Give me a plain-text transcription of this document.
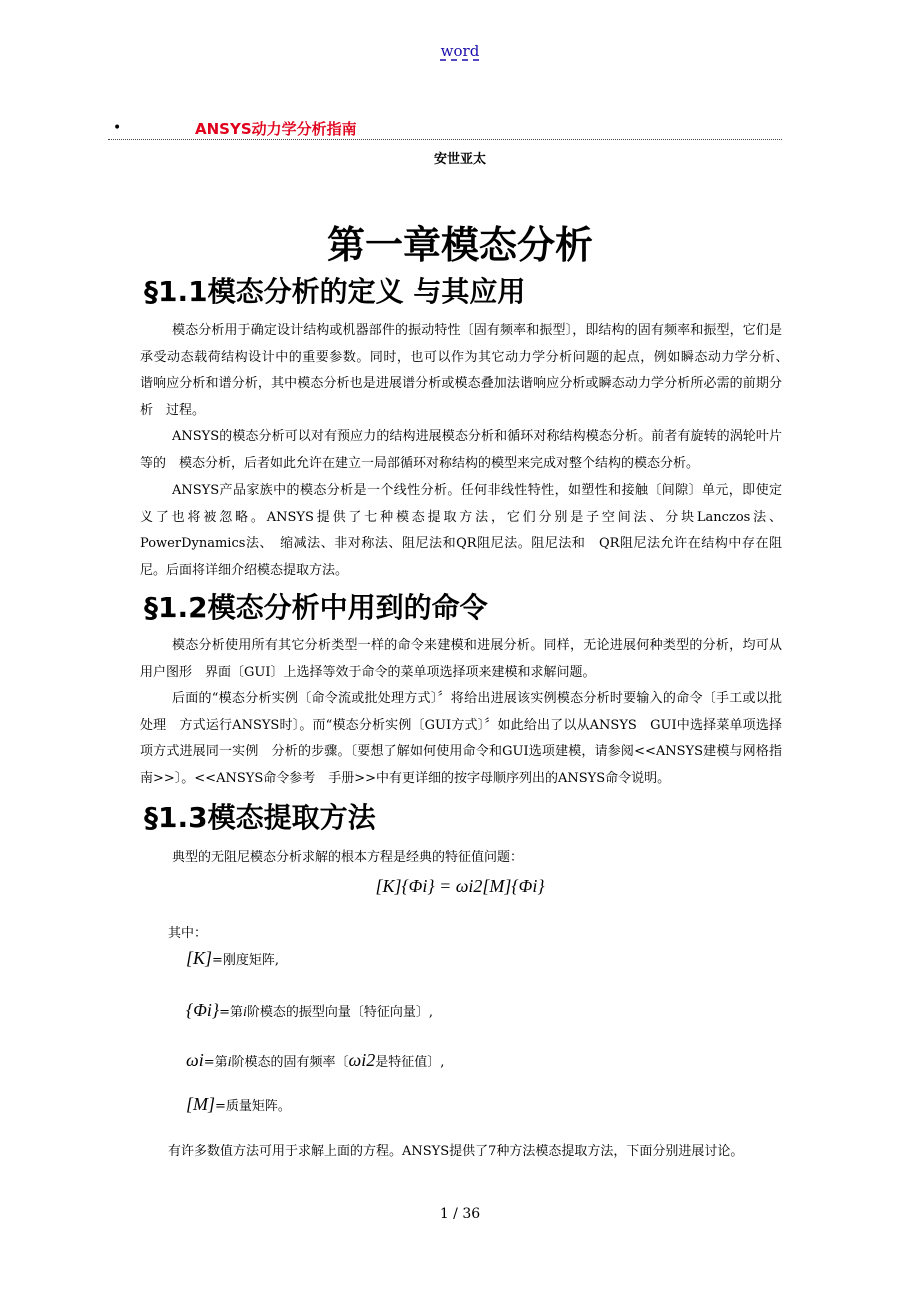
word
•	ANSYS动力学分析指南
安世亚太
第一章模态分析
§1.1模态分析的定义 与其应用
模态分析用于确定设计结构或机器部件的振动特性〔固有频率和振型〕，即结构的固有频率和振型，它们是　承受动态载荷结构设计中的重要参数。同时，也可以作为其它动力学分析问题的起点，例如瞬态动力学分析、　谐响应分析和谱分析，其中模态分析也是进展谱分析或模态叠加法谐响应分析或瞬态动力学分析所必需的前期分析　过程。
ANSYS的模态分析可以对有预应力的结构进展模态分析和循环对称结构模态分析。前者有旋转的涡轮叶片等的　模态分析，后者如此允许在建立一局部循环对称结构的模型来完成对整个结构的模态分析。
ANSYS产品家族中的模态分析是一个线性分析。任何非线性特性，如塑性和接触〔间隙〕单元，即使定　义了也将被忽略。ANSYS提供了七种模态提取方法，它们分别是子空间法、分块Lanczos法、PowerDynamics法、　缩减法、非对称法、阻尼法和QR阻尼法。阻尼法和　QR阻尼法允许在结构中存在阻尼。后面将详细介绍模态提取方法。
§1.2模态分析中用到的命令
模态分析使用所有其它分析类型一样的命令来建模和进展分析。同样，无论进展何种类型的分析，均可从用户图形　界面〔GUI〕上选择等效于命令的菜单项选择项来建模和求解问题。
后面的“模态分析实例〔命令流或批处理方式〕〞将给出进展该实例模态分析时要输入的命令〔手工或以批处理　方式运行ANSYS时〕。而“模态分析实例〔GUI方式〕〞如此给出了以从ANSYS　GUI中选择菜单项选择项方式进展同一实例　分析的步骤。〔要想了解如何使用命令和GUI选项建模，请参阅<<ANSYS建模与网格指南>>〕。<<ANSYS命令参考　手册>>中有更详细的按字母顺序列出的ANSYS命令说明。
§1.3模态提取方法
典型的无阻尼模态分析求解的根本方程是经典的特征值问题：
[K]{Φi} = ωi2[M]{Φi}
其中：
[K]=刚度矩阵,
{Φi}=第i阶模态的振型向量〔特征向量〕,
ωi=第i阶模态的固有频率〔ωi2是特征值〕,
[M]=质量矩阵。
有许多数值方法可用于求解上面的方程。ANSYS提供了7种方法模态提取方法，下面分别进展讨论。
1 / 36
